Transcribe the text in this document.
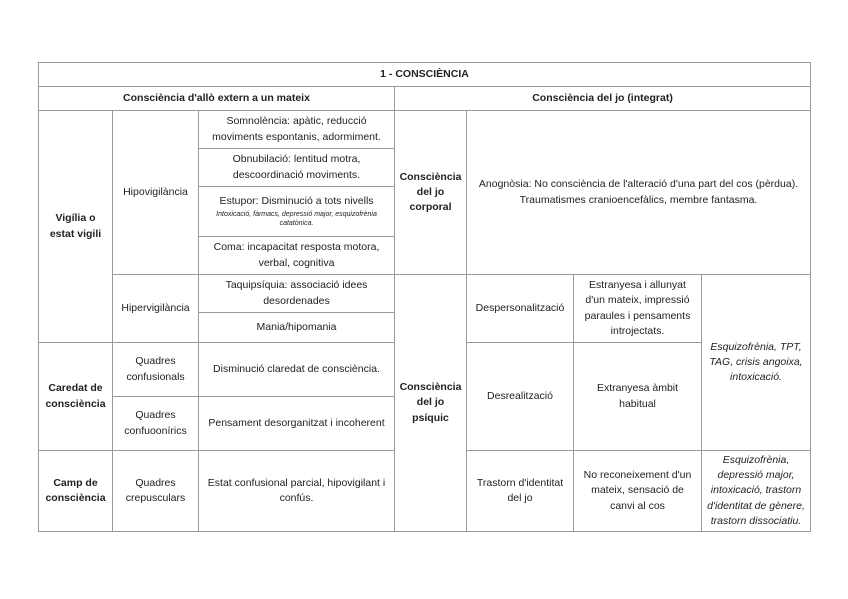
1 - CONSCIÈNCIA						
Consciència d'allò extern a un mateix			Consciència del jo (integrat)			
Vigília o estat vigili	Hipovigilància	Somnolència: apàtic, reducció moviments espontanis, adormiment.	Consciència del jo corporal	Anognòsia: No consciència de l'alteració d'una part del cos (pèrdua). Traumatismes cranioencefàlics, membre fantasma.		
		Obnubilació: lentitud motra, descoordinació moviments.				
		Estupor: Disminució a tots nivells
Intoxicació, fàrmacs, depressió major, esquizofrènia catatònica.				

		Coma: incapacitat resposta motora, verbal, cognitiva				
	Hipervigilància	Taquipsíquia: associació idees desordenades	Consciència del jo psíquic	Despersonalització	Estranyesa i allunyat d'un mateix, impressió paraules i pensaments introjectats.	Esquizofrènia, TPT, TAG, crisis angoixa, intoxicació.
		Mania/hipomania				
Caredat de consciència	Quadres confusionals	Disminució claredat de consciència.		Desrealització	Extranyesa àmbit habitual	
	Quadres confuoonírics	Pensament desorganitzat i incoherent				
Camp de consciència	Quadres crepusculars	Estat confusional parcial, hipovigilant i confús.		Trastorn d'identitat del jo	No reconeixement d'un mateix, sensació de canvi al cos	Esquizofrènia, depressió major, intoxicació, trastorn d'identitat de gènere, trastorn dissociatiu.
